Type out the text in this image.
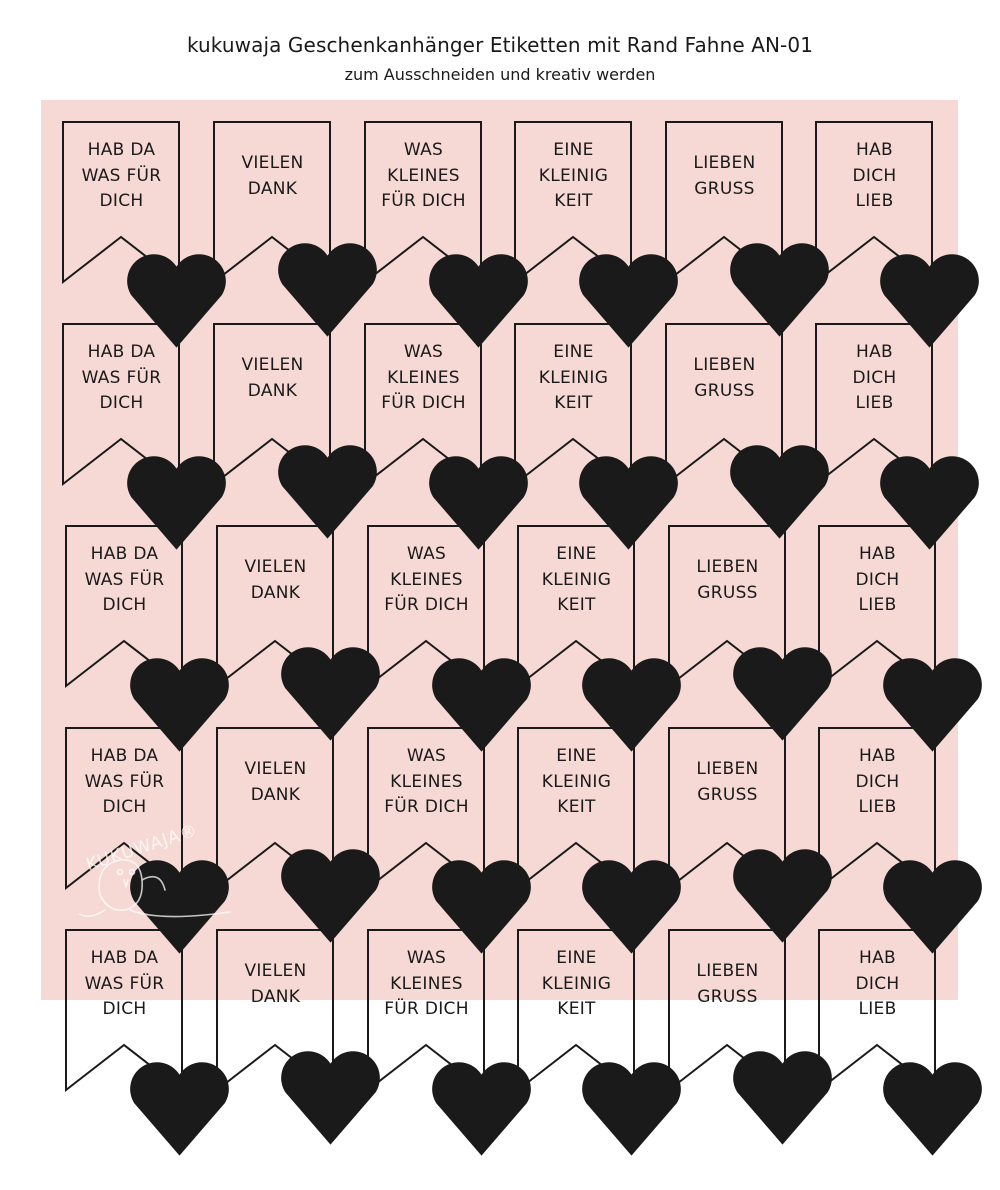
kukuwaja Geschenkanhänger Etiketten mit Rand Fahne AN-01
zum Ausschneiden und kreativ werden
HAB DA
WAS FÜR
DICH
VIELEN
DANK
WAS
KLEINES
FÜR DICH
EINE
KLEINIG
KEIT
LIEBEN
GRUSS
HAB
DICH
LIEB
HAB DA
WAS FÜR
DICH
VIELEN
DANK
WAS
KLEINES
FÜR DICH
EINE
KLEINIG
KEIT
LIEBEN
GRUSS
HAB
DICH
LIEB
HAB DA
WAS FÜR
DICH
VIELEN
DANK
WAS
KLEINES
FÜR DICH
EINE
KLEINIG
KEIT
LIEBEN
GRUSS
HAB
DICH
LIEB
HAB DA
WAS FÜR
DICH
VIELEN
DANK
WAS
KLEINES
FÜR DICH
EINE
KLEINIG
KEIT
LIEBEN
GRUSS
HAB
DICH
LIEB
HAB DA
WAS FÜR
DICH
VIELEN
DANK
WAS
KLEINES
FÜR DICH
EINE
KLEINIG
KEIT
LIEBEN
GRUSS
HAB
DICH
LIEB
KUKUWAJA®
